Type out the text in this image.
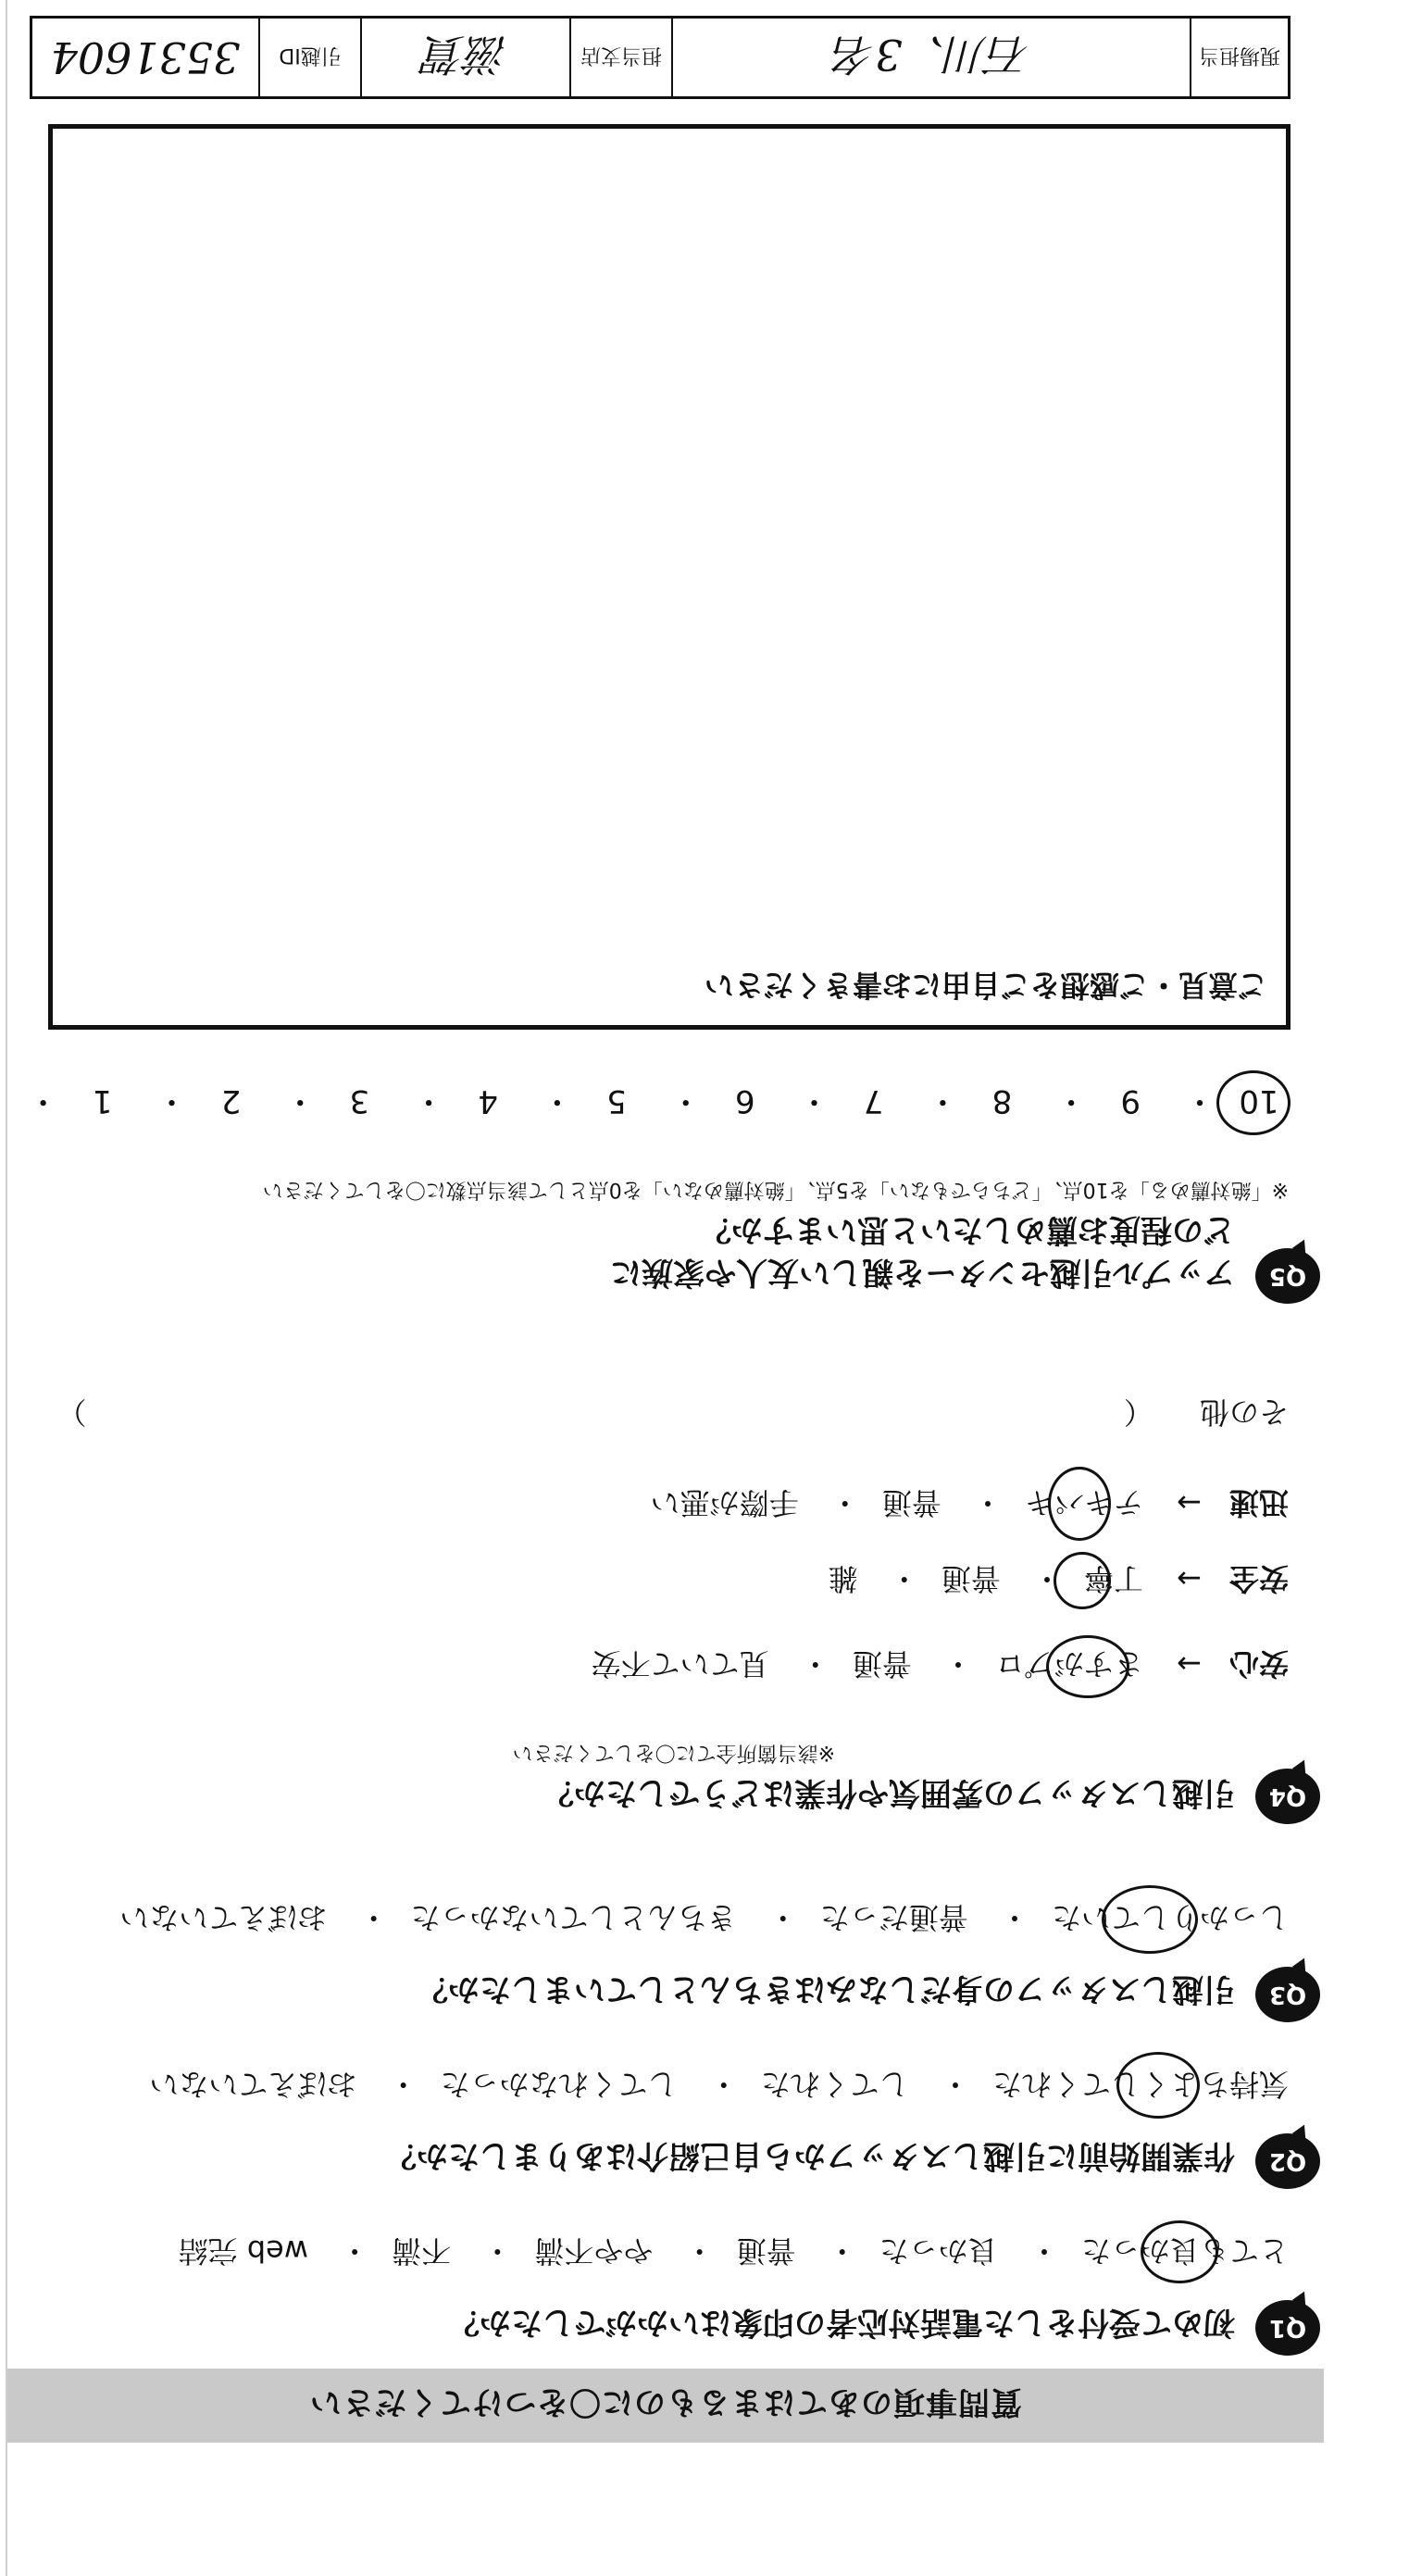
質問事項のあてはまるものに〇をつけてください
Q1
初めて受付をした電話対応者の印象はいかがでしたか？
とても良かった・ 良かった・ 普通・ やや不満・ 不満・ web 完結
Q2
作業開始前に引越しスタッフから自己紹介はありましたか？
気持ちよくしてくれた・ してくれた・ してくれなかった・ おぼえていない
Q3
引越しスタッフの身だしなみはきちんとしていましたか？
しっかりしていた・ 普通だった・ きちんとしていなかった・ おぼえていない
Q4
引越しスタッフの雰囲気や作業はどうでしたか？
※該当箇所全てに〇をしてください
安心→ さすがプロ・ 普通・ 見ていて不安
安全→ 丁寧・ 普通・ 雑
迅速→ テキパキ・ 普通・ 手際が悪い
その他 （  ）
Q5
アップル引越センターを親しい友人や家族に
どの程度お薦めしたいと思いますか？
※「絶対薦める」を10点、「どちらでもない」を5点、「絶対薦めない」を0点として該当点数に〇をしてください
10・ 9・ 8・ 7・ 6・ 5・ 4・ 3・ 2・ 1・
ご意見・ご感想をご自由にお書きください
現場担当
石川、3名
担当支店
滋賀
引越ID
3531604
